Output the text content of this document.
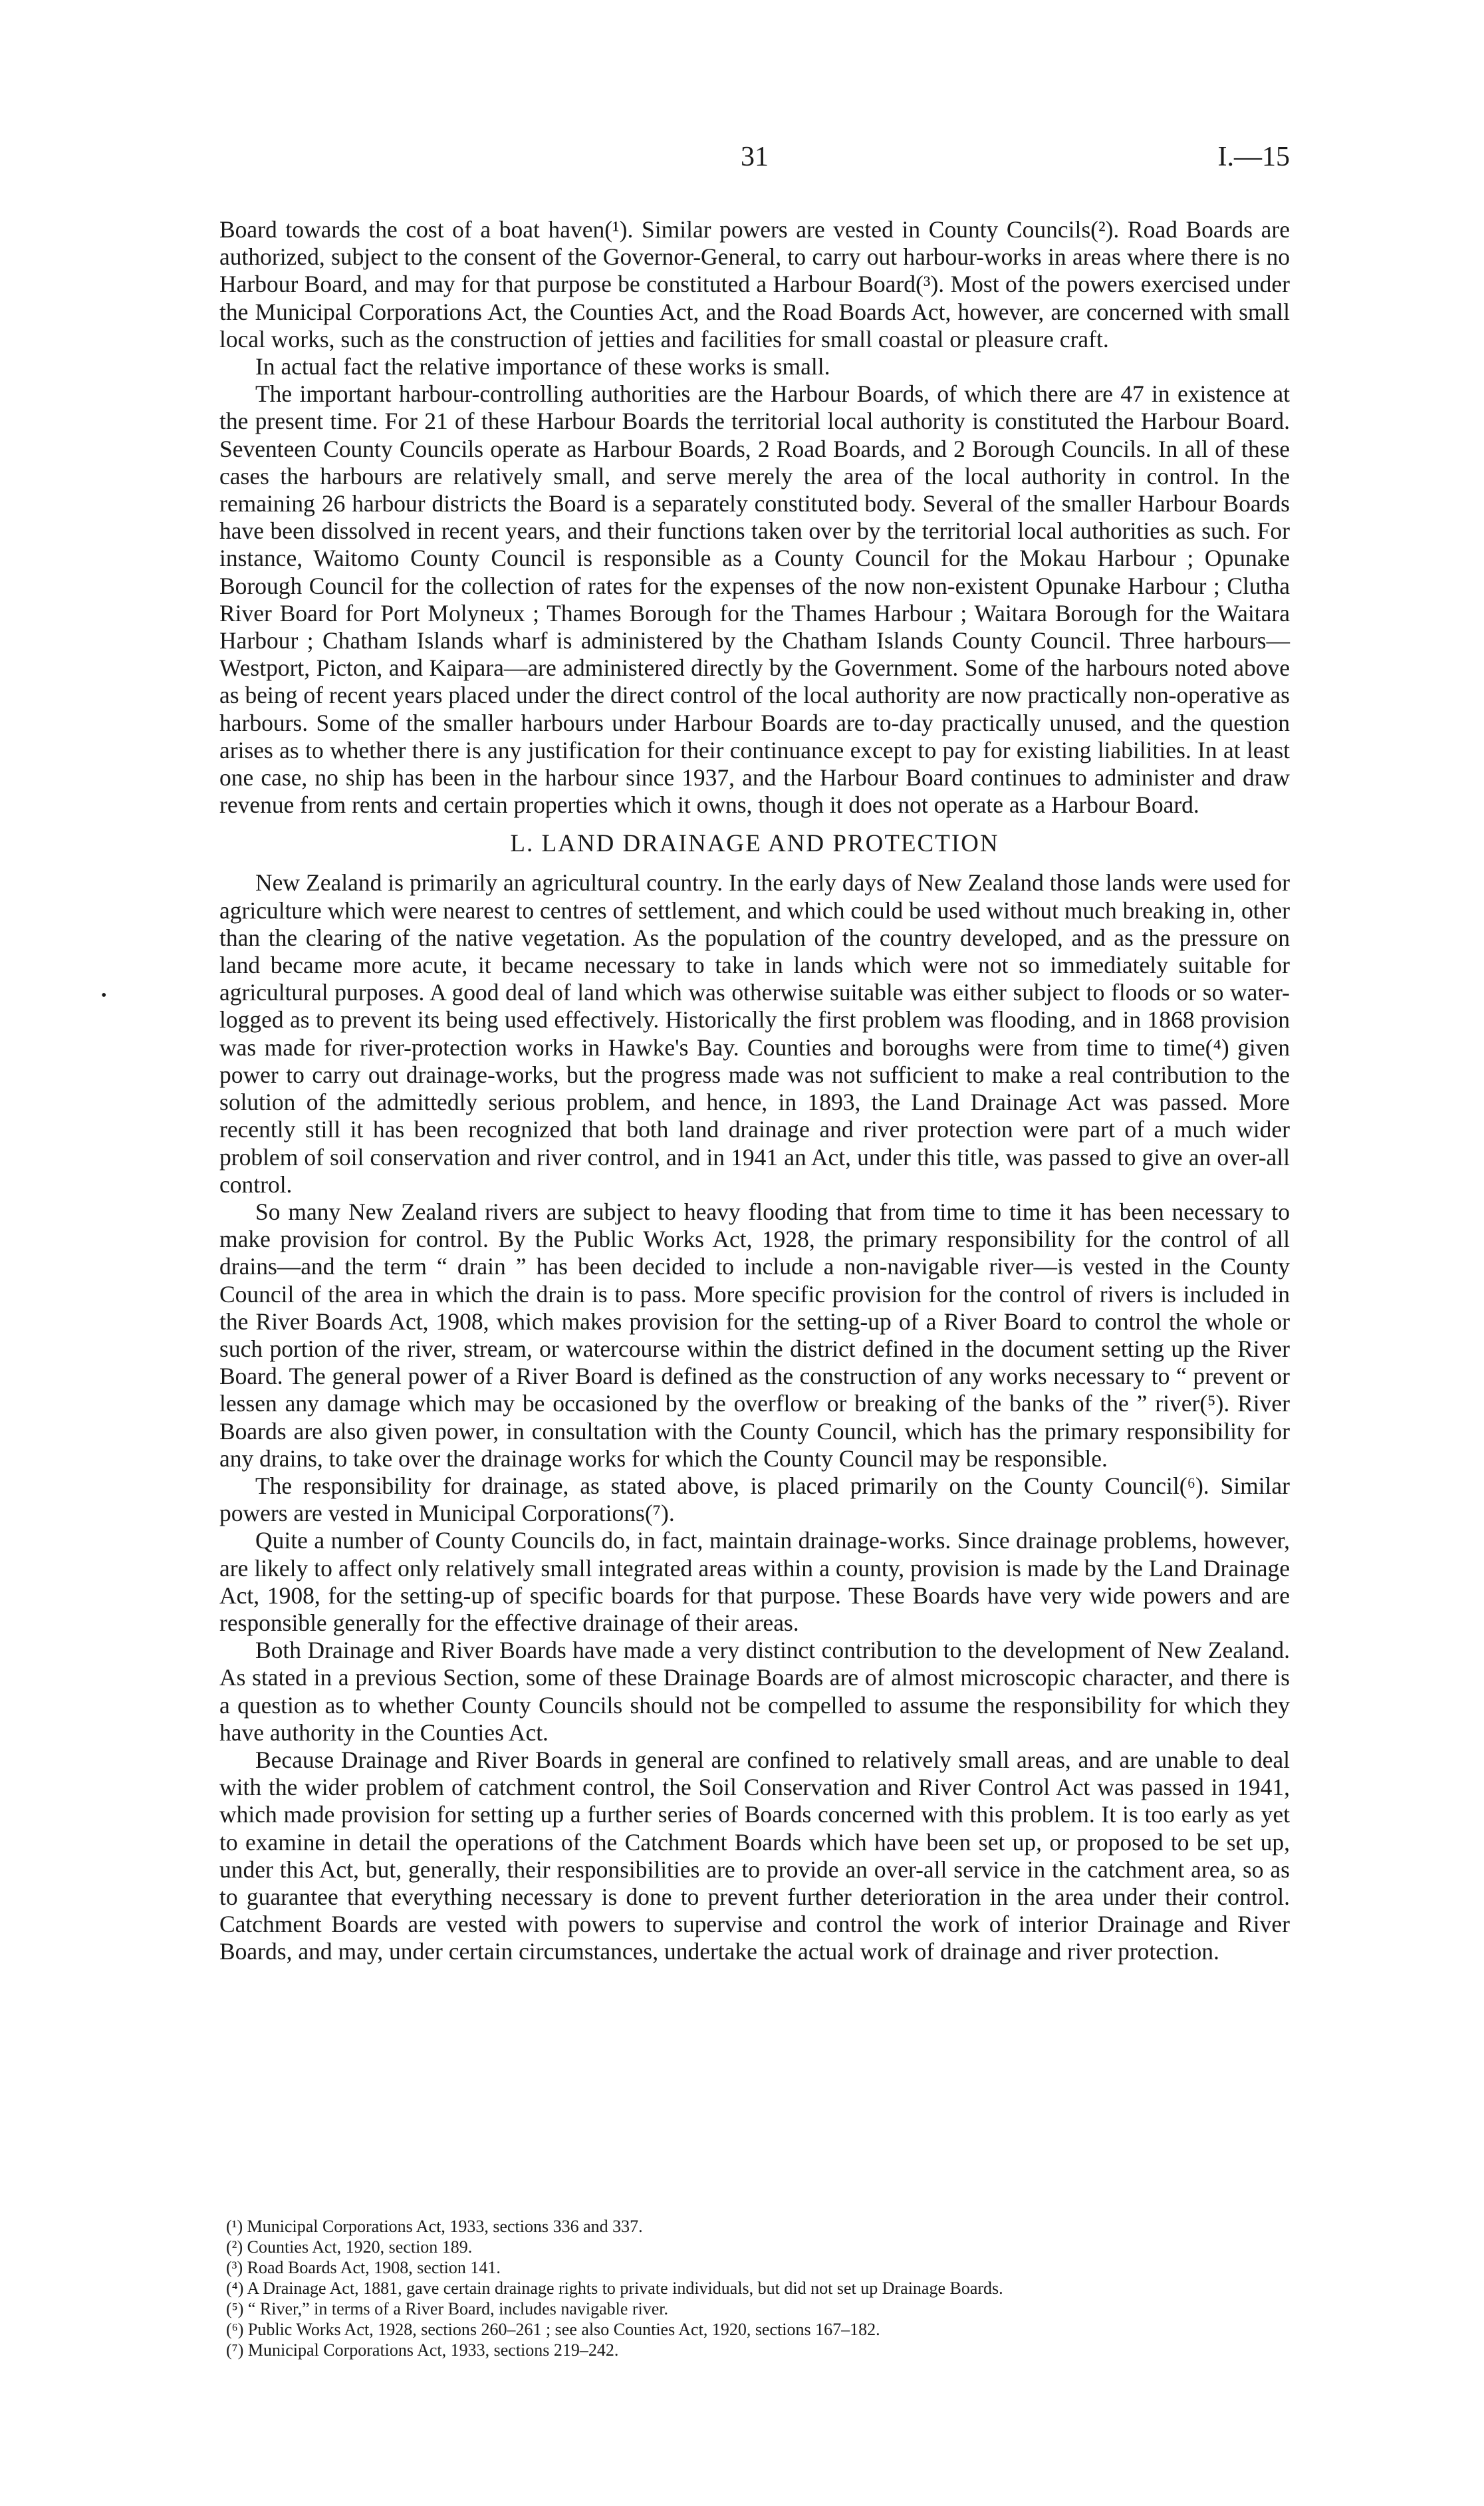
31	I.—15
•

Board towards the cost of a boat haven(¹). Similar powers are vested in County Councils(²). Road Boards are authorized, subject to the consent of the Governor-General, to carry out harbour-works in areas where there is no Harbour Board, and may for that purpose be constituted a Harbour Board(³). Most of the powers exercised under the Municipal Corporations Act, the Counties Act, and the Road Boards Act, however, are concerned with small local works, such as the construction of jetties and facilities for small coastal or pleasure craft.

In actual fact the relative importance of these works is small.

The important harbour-controlling authorities are the Harbour Boards, of which there are 47 in existence at the present time. For 21 of these Harbour Boards the territorial local authority is constituted the Harbour Board. Seventeen County Councils operate as Harbour Boards, 2 Road Boards, and 2 Borough Councils. In all of these cases the harbours are relatively small, and serve merely the area of the local authority in control. In the remaining 26 harbour districts the Board is a separately constituted body. Several of the smaller Harbour Boards have been dissolved in recent years, and their functions taken over by the territorial local authorities as such. For instance, Waitomo County Council is responsible as a County Council for the Mokau Harbour ; Opunake Borough Council for the collection of rates for the expenses of the now non-existent Opunake Harbour ; Clutha River Board for Port Molyneux ; Thames Borough for the Thames Harbour ; Waitara Borough for the Waitara Harbour ; Chatham Islands wharf is administered by the Chatham Islands County Council. Three harbours—Westport, Picton, and Kaipara—are administered directly by the Government. Some of the harbours noted above as being of recent years placed under the direct control of the local authority are now practically non-operative as harbours. Some of the smaller harbours under Harbour Boards are to-day practically unused, and the question arises as to whether there is any justification for their continuance except to pay for existing liabilities. In at least one case, no ship has been in the harbour since 1937, and the Harbour Board continues to administer and draw revenue from rents and certain properties which it owns, though it does not operate as a Harbour Board.

L. LAND DRAINAGE AND PROTECTION

New Zealand is primarily an agricultural country. In the early days of New Zealand those lands were used for agriculture which were nearest to centres of settlement, and which could be used without much breaking in, other than the clearing of the native vegetation. As the population of the country developed, and as the pressure on land became more acute, it became necessary to take in lands which were not so immediately suitable for agricultural purposes. A good deal of land which was otherwise suitable was either subject to floods or so water-logged as to prevent its being used effectively. Historically the first problem was flooding, and in 1868 provision was made for river-protection works in Hawke's Bay. Counties and boroughs were from time to time(⁴) given power to carry out drainage-works, but the progress made was not sufficient to make a real contribution to the solution of the admittedly serious problem, and hence, in 1893, the Land Drainage Act was passed. More recently still it has been recognized that both land drainage and river protection were part of a much wider problem of soil conservation and river control, and in 1941 an Act, under this title, was passed to give an over-all control.

So many New Zealand rivers are subject to heavy flooding that from time to time it has been necessary to make provision for control. By the Public Works Act, 1928, the primary responsibility for the control of all drains—and the term “ drain ” has been decided to include a non-navigable river—is vested in the County Council of the area in which the drain is to pass. More specific provision for the control of rivers is included in the River Boards Act, 1908, which makes provision for the setting-up of a River Board to control the whole or such portion of the river, stream, or watercourse within the district defined in the document setting up the River Board. The general power of a River Board is defined as the construction of any works necessary to “ prevent or lessen any damage which may be occasioned by the overflow or breaking of the banks of the ” river(⁵). River Boards are also given power, in consultation with the County Council, which has the primary responsibility for any drains, to take over the drainage works for which the County Council may be responsible.

The responsibility for drainage, as stated above, is placed primarily on the County Council(⁶). Similar powers are vested in Municipal Corporations(⁷).

Quite a number of County Councils do, in fact, maintain drainage-works. Since drainage problems, however, are likely to affect only relatively small integrated areas within a county, provision is made by the Land Drainage Act, 1908, for the setting-up of specific boards for that purpose. These Boards have very wide powers and are responsible generally for the effective drainage of their areas.

Both Drainage and River Boards have made a very distinct contribution to the development of New Zealand. As stated in a previous Section, some of these Drainage Boards are of almost microscopic character, and there is a question as to whether County Councils should not be compelled to assume the responsibility for which they have authority in the Counties Act.

Because Drainage and River Boards in general are confined to relatively small areas, and are unable to deal with the wider problem of catchment control, the Soil Conservation and River Control Act was passed in 1941, which made provision for setting up a further series of Boards concerned with this problem. It is too early as yet to examine in detail the operations of the Catchment Boards which have been set up, or proposed to be set up, under this Act, but, generally, their responsibilities are to provide an over-all service in the catchment area, so as to guarantee that everything necessary is done to prevent further deterioration in the area under their control. Catchment Boards are vested with powers to supervise and control the work of interior Drainage and River Boards, and may, under certain circumstances, undertake the actual work of drainage and river protection.

(¹) Municipal Corporations Act, 1933, sections 336 and 337.

(²) Counties Act, 1920, section 189.

(³) Road Boards Act, 1908, section 141.

(⁴) A Drainage Act, 1881, gave certain drainage rights to private individuals, but did not set up Drainage Boards.

(⁵) “ River,” in terms of a River Board, includes navigable river.

(⁶) Public Works Act, 1928, sections 260–261 ; see also Counties Act, 1920, sections 167–182.

(⁷) Municipal Corporations Act, 1933, sections 219–242.
